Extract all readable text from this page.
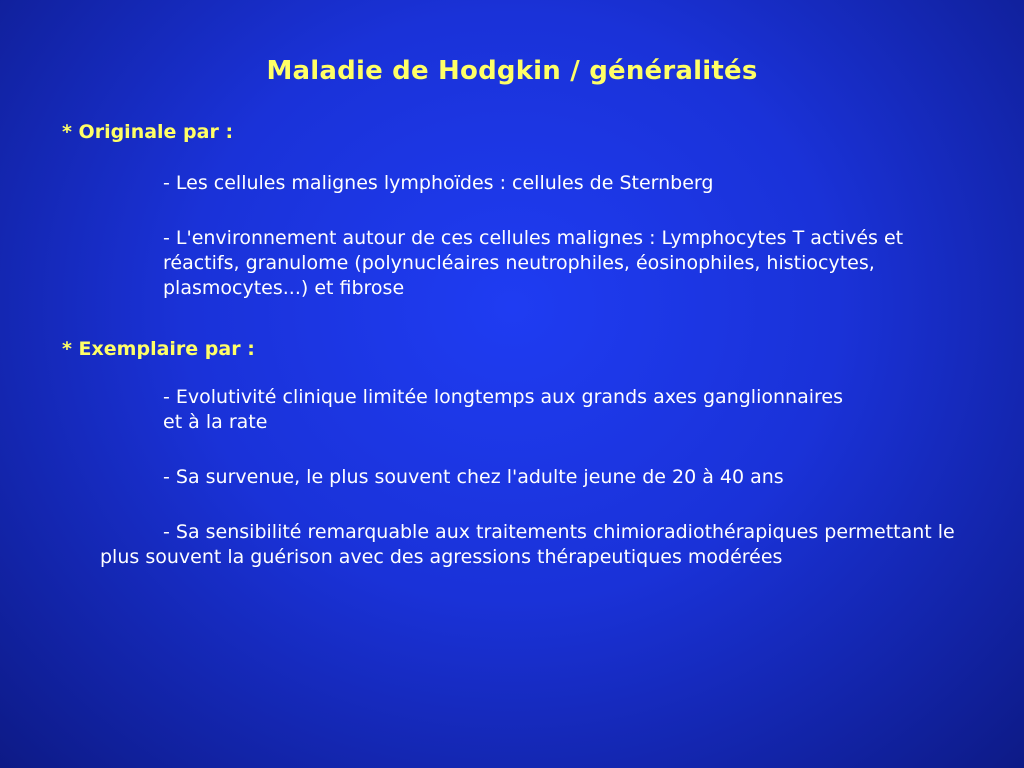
Maladie de Hodgkin / généralités
* Originale par :
- Les cellules malignes lymphoïdes : cellules de Sternberg
- L'environnement autour de ces cellules malignes : Lymphocytes T activés et réactifs, granulome (polynucléaires neutrophiles, éosinophiles, histiocytes, plasmocytes...) et fibrose
* Exemplaire par :
- Evolutivité clinique limitée longtemps aux grands axes ganglionnaires et à la rate
- Sa survenue, le plus souvent chez l'adulte jeune de 20 à 40 ans
- Sa sensibilité remarquable aux traitements chimioradiothérapiques permettant le plus souvent la guérison avec des agressions thérapeutiques modérées
